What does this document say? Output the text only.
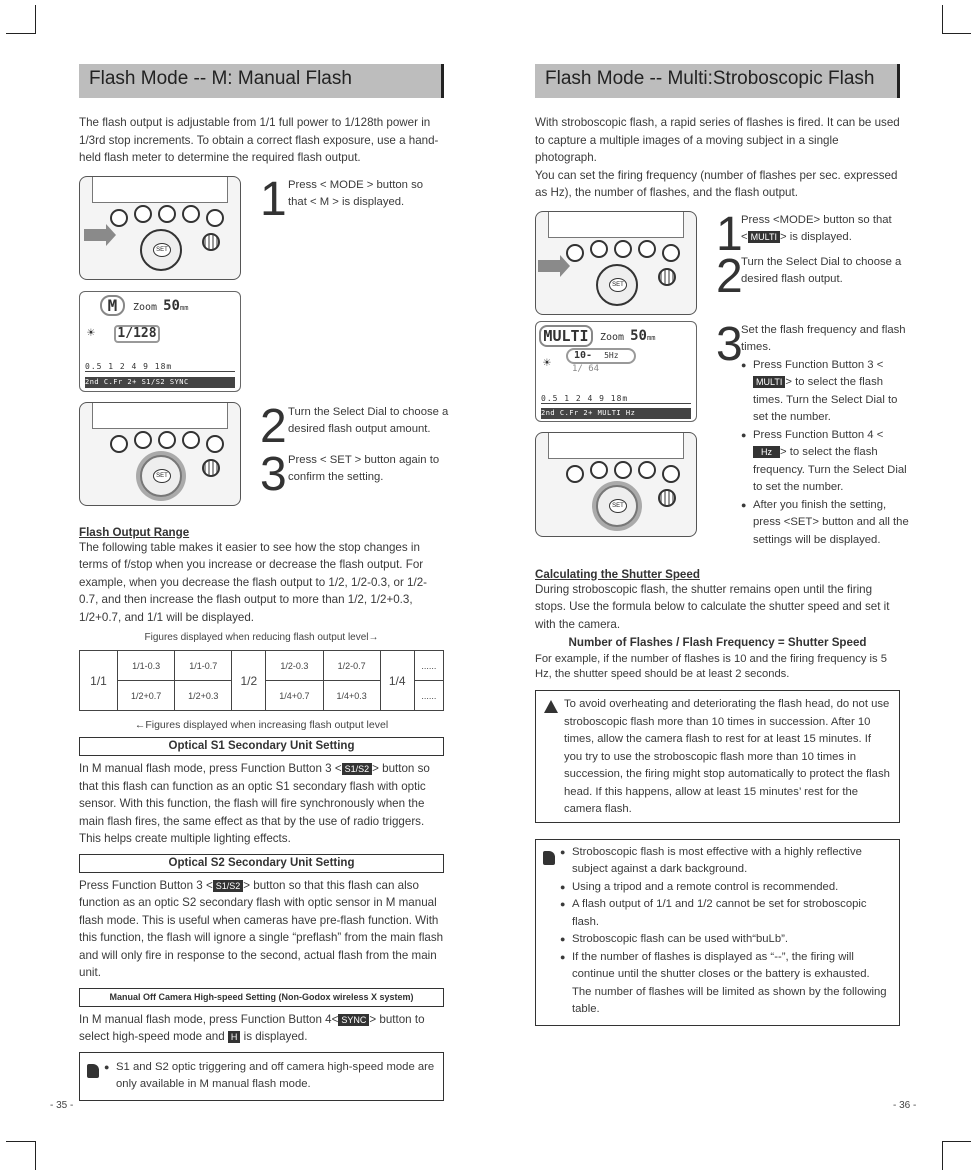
Flash Mode -- M: Manual Flash

The flash output is adjustable from 1/1 full power to 1/128th power in 1/3rd stop increments. To obtain a correct flash exposure, use a hand-held flash meter to determine the required flash output.

SET
1 Press < MODE > button so that < M > is displayed.
M	Zoom 50mm
☀ 1/128
0.5 1 2 4 9 18m
2nd C.Fr 2+ S1/S2 SYNC
SET
2 Turn the Select Dial to choose a desired flash output amount.
3 Press < SET > button again to confirm the setting.
Flash Output Range

The following table makes it easier to see how the stop changes in terms of f/stop when you increase or decrease the flash output. For example, when you decrease the flash output to 1/2, 1/2-0.3, or 1/2-0.7, and then increase the flash output to more than 1/2, 1/2+0.3, 1/2+0.7, and 1/1 will be displayed.

Figures displayed when reducing flash output level→
1/1	1/1-0.3	1/1-0.7	1/2	1/2-0.3	1/2-0.7	1/4	......
	1/2+0.7	1/2+0.3		1/4+0.7	1/4+0.3		......
←Figures displayed when increasing flash output level
Optical S1 Secondary Unit Setting

In M manual flash mode, press Function Button 3 < S1/S2 > button so that this flash can function as an optic S1 secondary flash with optic sensor. With this function, the flash will fire synchronously when the main flash fires, the same effect as that by the use of radio triggers. This helps create multiple lighting effects.

Optical S2 Secondary Unit Setting

Press Function Button 3 < S1/S2 > button so that this flash can also function as an optic S2 secondary flash with optic sensor in M manual flash mode. This is useful when cameras have pre-flash function. With this function, the flash will ignore a single “preflash” from the main flash and will only fire in response to the second, actual flash from the main unit.

Manual Off Camera High-speed Setting (Non-Godox wireless X system)

In M manual flash mode, press Function Button 4< SYNC > button to select high-speed mode and H is displayed.

● S1 and S2 optic triggering and off camera high-speed mode are only available in M manual flash mode.
- 35 -
Flash Mode -- Multi:Stroboscopic Flash

With stroboscopic flash, a rapid series of flashes is fired. It can be used to capture a multiple images of a moving subject in a single photograph.

You can set the firing frequency (number of flashes per sec. expressed as Hz), the number of flashes, and the flash output.

SET
1
Press <MODE> button so that < MULTI > is displayed.
2
Turn the Select Dial to choose a desired flash output.
MULTI	Zoom 50mm
10- 5Hz
☀ 1/ 64
0.5 1 2 4 9 18m
2nd C.Fr 2+ MULTI Hz
SET
3
Set the flash frequency and flash times.
● Press Function Button 3 <MULTI > to select the flash times. Turn the Select Dial to set the number.
● Press Function Button 4 <Hz > to select the flash frequency. Turn the Select Dial to set the number.
● After you finish the setting, press <SET> button and all the settings will be displayed.
Calculating the Shutter Speed

During stroboscopic flash, the shutter remains open until the firing stops. Use the formula below to calculate the shutter speed and set it with the camera.

Number of Flashes / Flash Frequency = Shutter Speed

For example, if the number of flashes is 10 and the firing frequency is 5 Hz, the shutter speed should be at least 2 seconds.

To avoid overheating and deteriorating the flash head, do not use stroboscopic flash more than 10 times in succession. After 10 times, allow the camera flash to rest for at least 15 minutes. If you try to use the stroboscopic flash more than 10 times in succession, the firing might stop automatically to protect the flash head. If this happens, allow at least 15 minutes’ rest for the camera flash.

● Stroboscopic flash is most effective with a highly reflective subject against a dark background.
● Using a tripod and a remote control is recommended.
● A flash output of 1/1 and 1/2 cannot be set for stroboscopic flash.
● Stroboscopic flash can be used with“buLb”.
● If the number of flashes is displayed as “--”, the firing will continue until the shutter closes or the battery is exhausted. The number of flashes will be limited as shown by the following table.
- 36 -
